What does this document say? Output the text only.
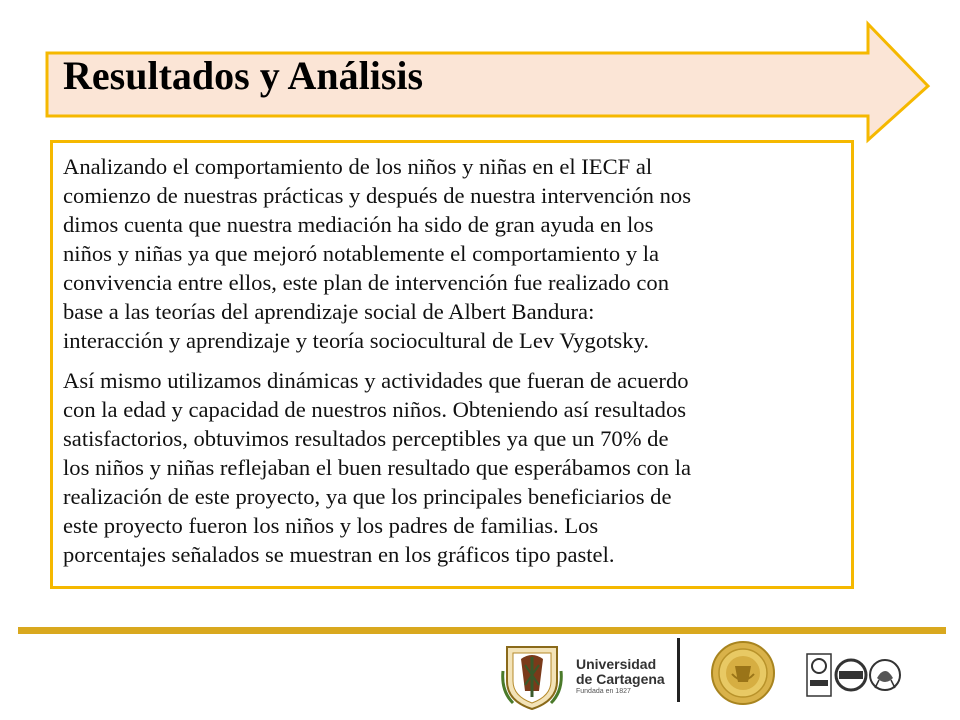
Resultados y Análisis

Analizando el comportamiento de los niños y niñas en el IECF al
comienzo de nuestras prácticas y después de nuestra intervención nos
dimos cuenta que nuestra mediación ha sido de gran ayuda en los
niños y niñas ya que mejoró notablemente el comportamiento y la
convivencia entre ellos, este plan de intervención fue realizado con
base a las teorías del aprendizaje social de Albert Bandura:
interacción y aprendizaje y teoría sociocultural de Lev Vygotsky.

Así mismo utilizamos dinámicas y actividades que fueran de acuerdo
con la edad y capacidad de nuestros niños. Obteniendo así resultados
satisfactorios, obtuvimos resultados perceptibles ya que un 70% de
los niños y niñas reflejaban el buen resultado que esperábamos con la
realización de este proyecto, ya que los principales beneficiarios de
este proyecto fueron los niños y los padres de familias. Los
porcentajes señalados se muestran en los gráficos tipo pastel.

Universidad
de Cartagena
Fundada en 1827
